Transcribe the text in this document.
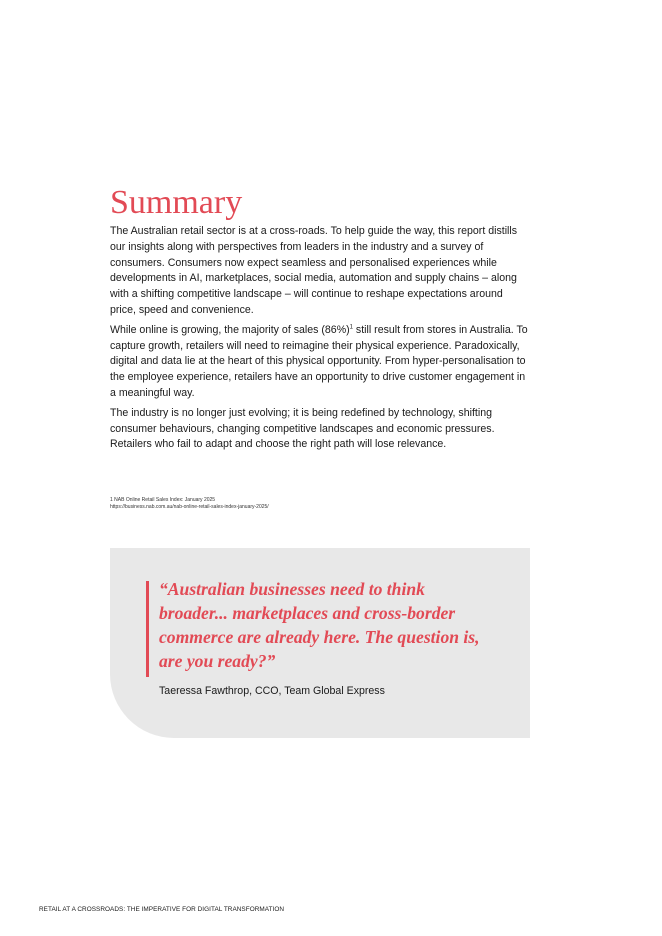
Summary

The Australian retail sector is at a cross-roads. To help guide the way, this report distills our insights along with perspectives from leaders in the industry and a survey of consumers. Consumers now expect seamless and personalised experiences while developments in AI, marketplaces, social media, automation and supply chains – along with a shifting competitive landscape – will continue to reshape expectations around price, speed and convenience.

While online is growing, the majority of sales $(86\%)^1$ still result from stores in Australia. To capture growth, retailers will need to reimagine their physical experience. Paradoxically, digital and data lie at the heart of this physical opportunity. From hyper-personalisation to the employee experience, retailers have an opportunity to drive customer engagement in a meaningful way.

The industry is no longer just evolving; it is being redefined by technology, shifting consumer behaviours, changing competitive landscapes and economic pressures. Retailers who fail to adapt and choose the right path will lose relevance.

1 NAB Online Retail Sales Index: January 2025
https://business.nab.com.au/nab-online-retail-sales-index-january-2025/

“Australian businesses need to think broader... marketplaces and cross-border commerce are already here. The question is, are you ready?”

Taeressa Fawthrop, CCO, Team Global Express
RETAIL AT A CROSSROADS: THE IMPERATIVE FOR DIGITAL TRANSFORMATION
